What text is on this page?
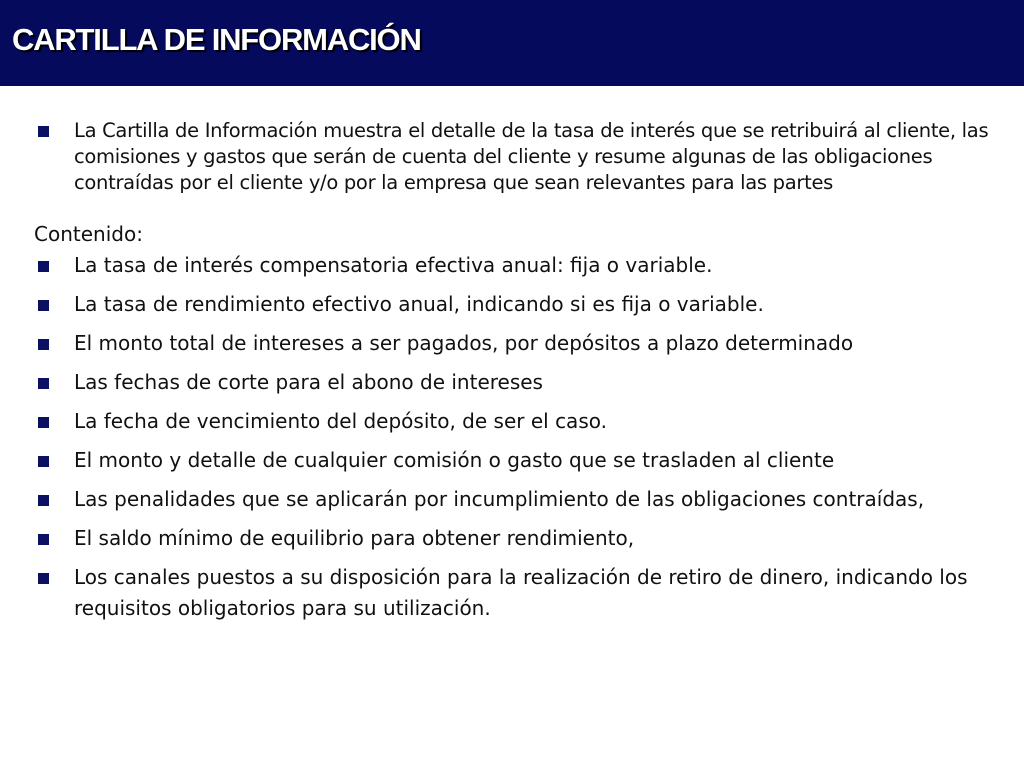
CARTILLA DE INFORMACIÓN
La Cartilla de Información muestra el detalle de la tasa de interés que se retribuirá al cliente, las comisiones y gastos que serán de cuenta del cliente y resume algunas de las obligaciones contraídas por el cliente y/o por la empresa que sean relevantes para las partes
Contenido:
La tasa de interés compensatoria efectiva anual: fija o variable.
La tasa de rendimiento efectivo anual, indicando si es fija o variable.
El monto total de intereses a ser pagados, por depósitos a plazo determinado
Las fechas de corte para el abono de intereses
La fecha de vencimiento del depósito, de ser el caso.
El monto y detalle de cualquier comisión o gasto que se trasladen al cliente
Las penalidades que se aplicarán por incumplimiento de las obligaciones contraídas,
El saldo mínimo de equilibrio para obtener rendimiento,
Los canales puestos a su disposición para la realización de retiro de dinero, indicando los requisitos obligatorios para su utilización.
